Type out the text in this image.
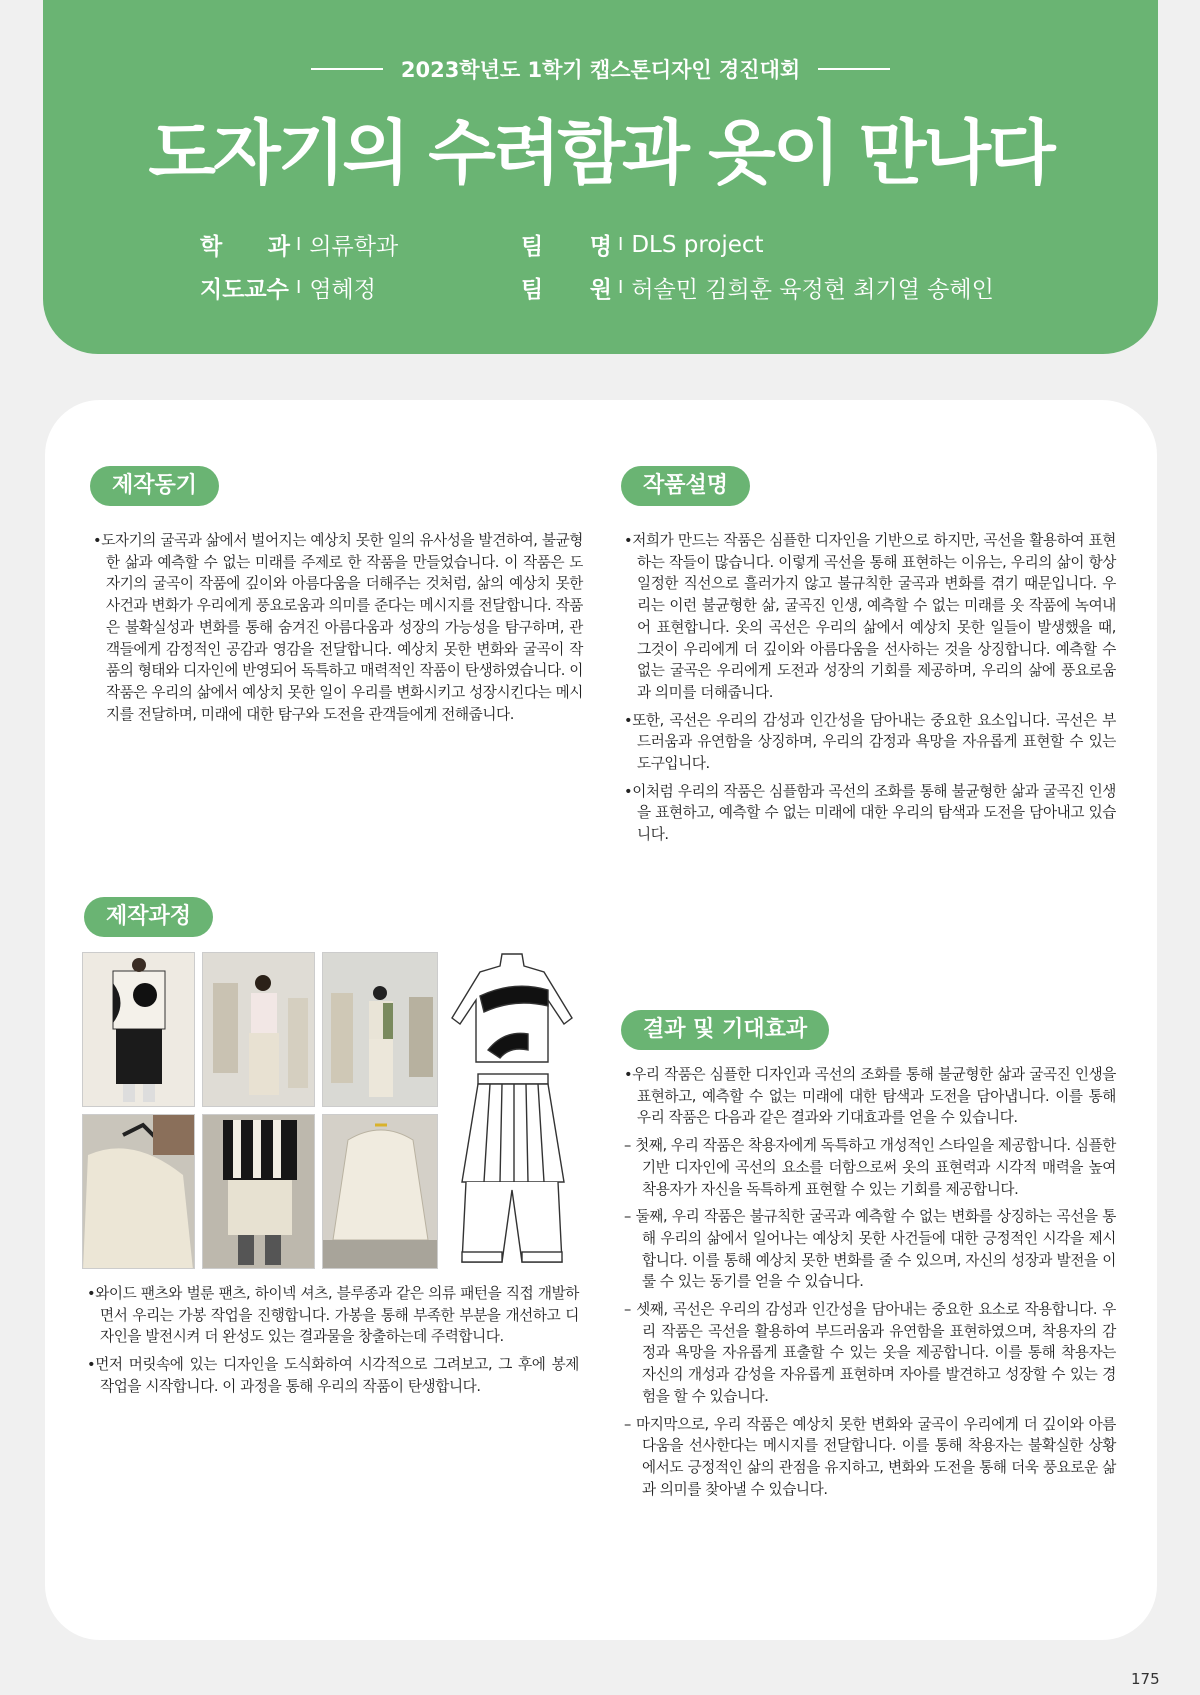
2023학년도 1학기 캡스톤디자인 경진대회
도자기의 수려함과 옷이 만나다
학　과 I 의류학과
지도교수 I 염혜정
팀　명 I DLS project
팀　원 I 허솔민 김희훈 육정현 최기열 송혜인
제작동기
•도자기의 굴곡과 삶에서 벌어지는 예상치 못한 일의 유사성을 발견하여, 불균형한 삶과 예측할 수 없는 미래를 주제로 한 작품을 만들었습니다. 이 작품은 도자기의 굴곡이 작품에 깊이와 아름다움을 더해주는 것처럼, 삶의 예상치 못한 사건과 변화가 우리에게 풍요로움과 의미를 준다는 메시지를 전달합니다. 작품은 불확실성과 변화를 통해 숨겨진 아름다움과 성장의 가능성을 탐구하며, 관객들에게 감정적인 공감과 영감을 전달합니다. 예상치 못한 변화와 굴곡이 작품의 형태와 디자인에 반영되어 독특하고 매력적인 작품이 탄생하였습니다. 이 작품은 우리의 삶에서 예상치 못한 일이 우리를 변화시키고 성장시킨다는 메시지를 전달하며, 미래에 대한 탐구와 도전을 관객들에게 전해줍니다.
작품설명
•저희가 만드는 작품은 심플한 디자인을 기반으로 하지만, 곡선을 활용하여 표현하는 작들이 많습니다. 이렇게 곡선을 통해 표현하는 이유는, 우리의 삶이 항상 일정한 직선으로 흘러가지 않고 불규칙한 굴곡과 변화를 겪기 때문입니다. 우리는 이런 불균형한 삶, 굴곡진 인생, 예측할 수 없는 미래를 옷 작품에 녹여내어 표현합니다. 옷의 곡선은 우리의 삶에서 예상치 못한 일들이 발생했을 때, 그것이 우리에게 더 깊이와 아름다움을 선사하는 것을 상징합니다. 예측할 수 없는 굴곡은 우리에게 도전과 성장의 기회를 제공하며, 우리의 삶에 풍요로움과 의미를 더해줍니다.
•또한, 곡선은 우리의 감성과 인간성을 담아내는 중요한 요소입니다. 곡선은 부드러움과 유연함을 상징하며, 우리의 감정과 욕망을 자유롭게 표현할 수 있는 도구입니다.
•이처럼 우리의 작품은 심플함과 곡선의 조화를 통해 불균형한 삶과 굴곡진 인생을 표현하고, 예측할 수 없는 미래에 대한 우리의 탐색과 도전을 담아내고 있습니다.
제작과정
•와이드 팬츠와 벌룬 팬츠, 하이넥 셔츠, 블루종과 같은 의류 패턴을 직접 개발하면서 우리는 가봉 작업을 진행합니다. 가봉을 통해 부족한 부분을 개선하고 디자인을 발전시켜 더 완성도 있는 결과물을 창출하는데 주력합니다.
•먼저 머릿속에 있는 디자인을 도식화하여 시각적으로 그려보고, 그 후에 봉제 작업을 시작합니다. 이 과정을 통해 우리의 작품이 탄생합니다.
결과 및 기대효과
•우리 작품은 심플한 디자인과 곡선의 조화를 통해 불균형한 삶과 굴곡진 인생을 표현하고, 예측할 수 없는 미래에 대한 탐색과 도전을 담아냅니다. 이를 통해 우리 작품은 다음과 같은 결과와 기대효과를 얻을 수 있습니다.
– 첫째, 우리 작품은 착용자에게 독특하고 개성적인 스타일을 제공합니다. 심플한 기반 디자인에 곡선의 요소를 더함으로써 옷의 표현력과 시각적 매력을 높여 착용자가 자신을 독특하게 표현할 수 있는 기회를 제공합니다.
– 둘째, 우리 작품은 불규칙한 굴곡과 예측할 수 없는 변화를 상징하는 곡선을 통해 우리의 삶에서 일어나는 예상치 못한 사건들에 대한 긍정적인 시각을 제시합니다. 이를 통해 예상치 못한 변화를 줄 수 있으며, 자신의 성장과 발전을 이룰 수 있는 동기를 얻을 수 있습니다.
– 셋째, 곡선은 우리의 감성과 인간성을 담아내는 중요한 요소로 작용합니다. 우리 작품은 곡선을 활용하여 부드러움과 유연함을 표현하였으며, 착용자의 감정과 욕망을 자유롭게 표출할 수 있는 옷을 제공합니다. 이를 통해 착용자는 자신의 개성과 감성을 자유롭게 표현하며 자아를 발견하고 성장할 수 있는 경험을 할 수 있습니다.
– 마지막으로, 우리 작품은 예상치 못한 변화와 굴곡이 우리에게 더 깊이와 아름다움을 선사한다는 메시지를 전달합니다. 이를 통해 착용자는 불확실한 상황에서도 긍정적인 삶의 관점을 유지하고, 변화와 도전을 통해 더욱 풍요로운 삶과 의미를 찾아낼 수 있습니다.
175
